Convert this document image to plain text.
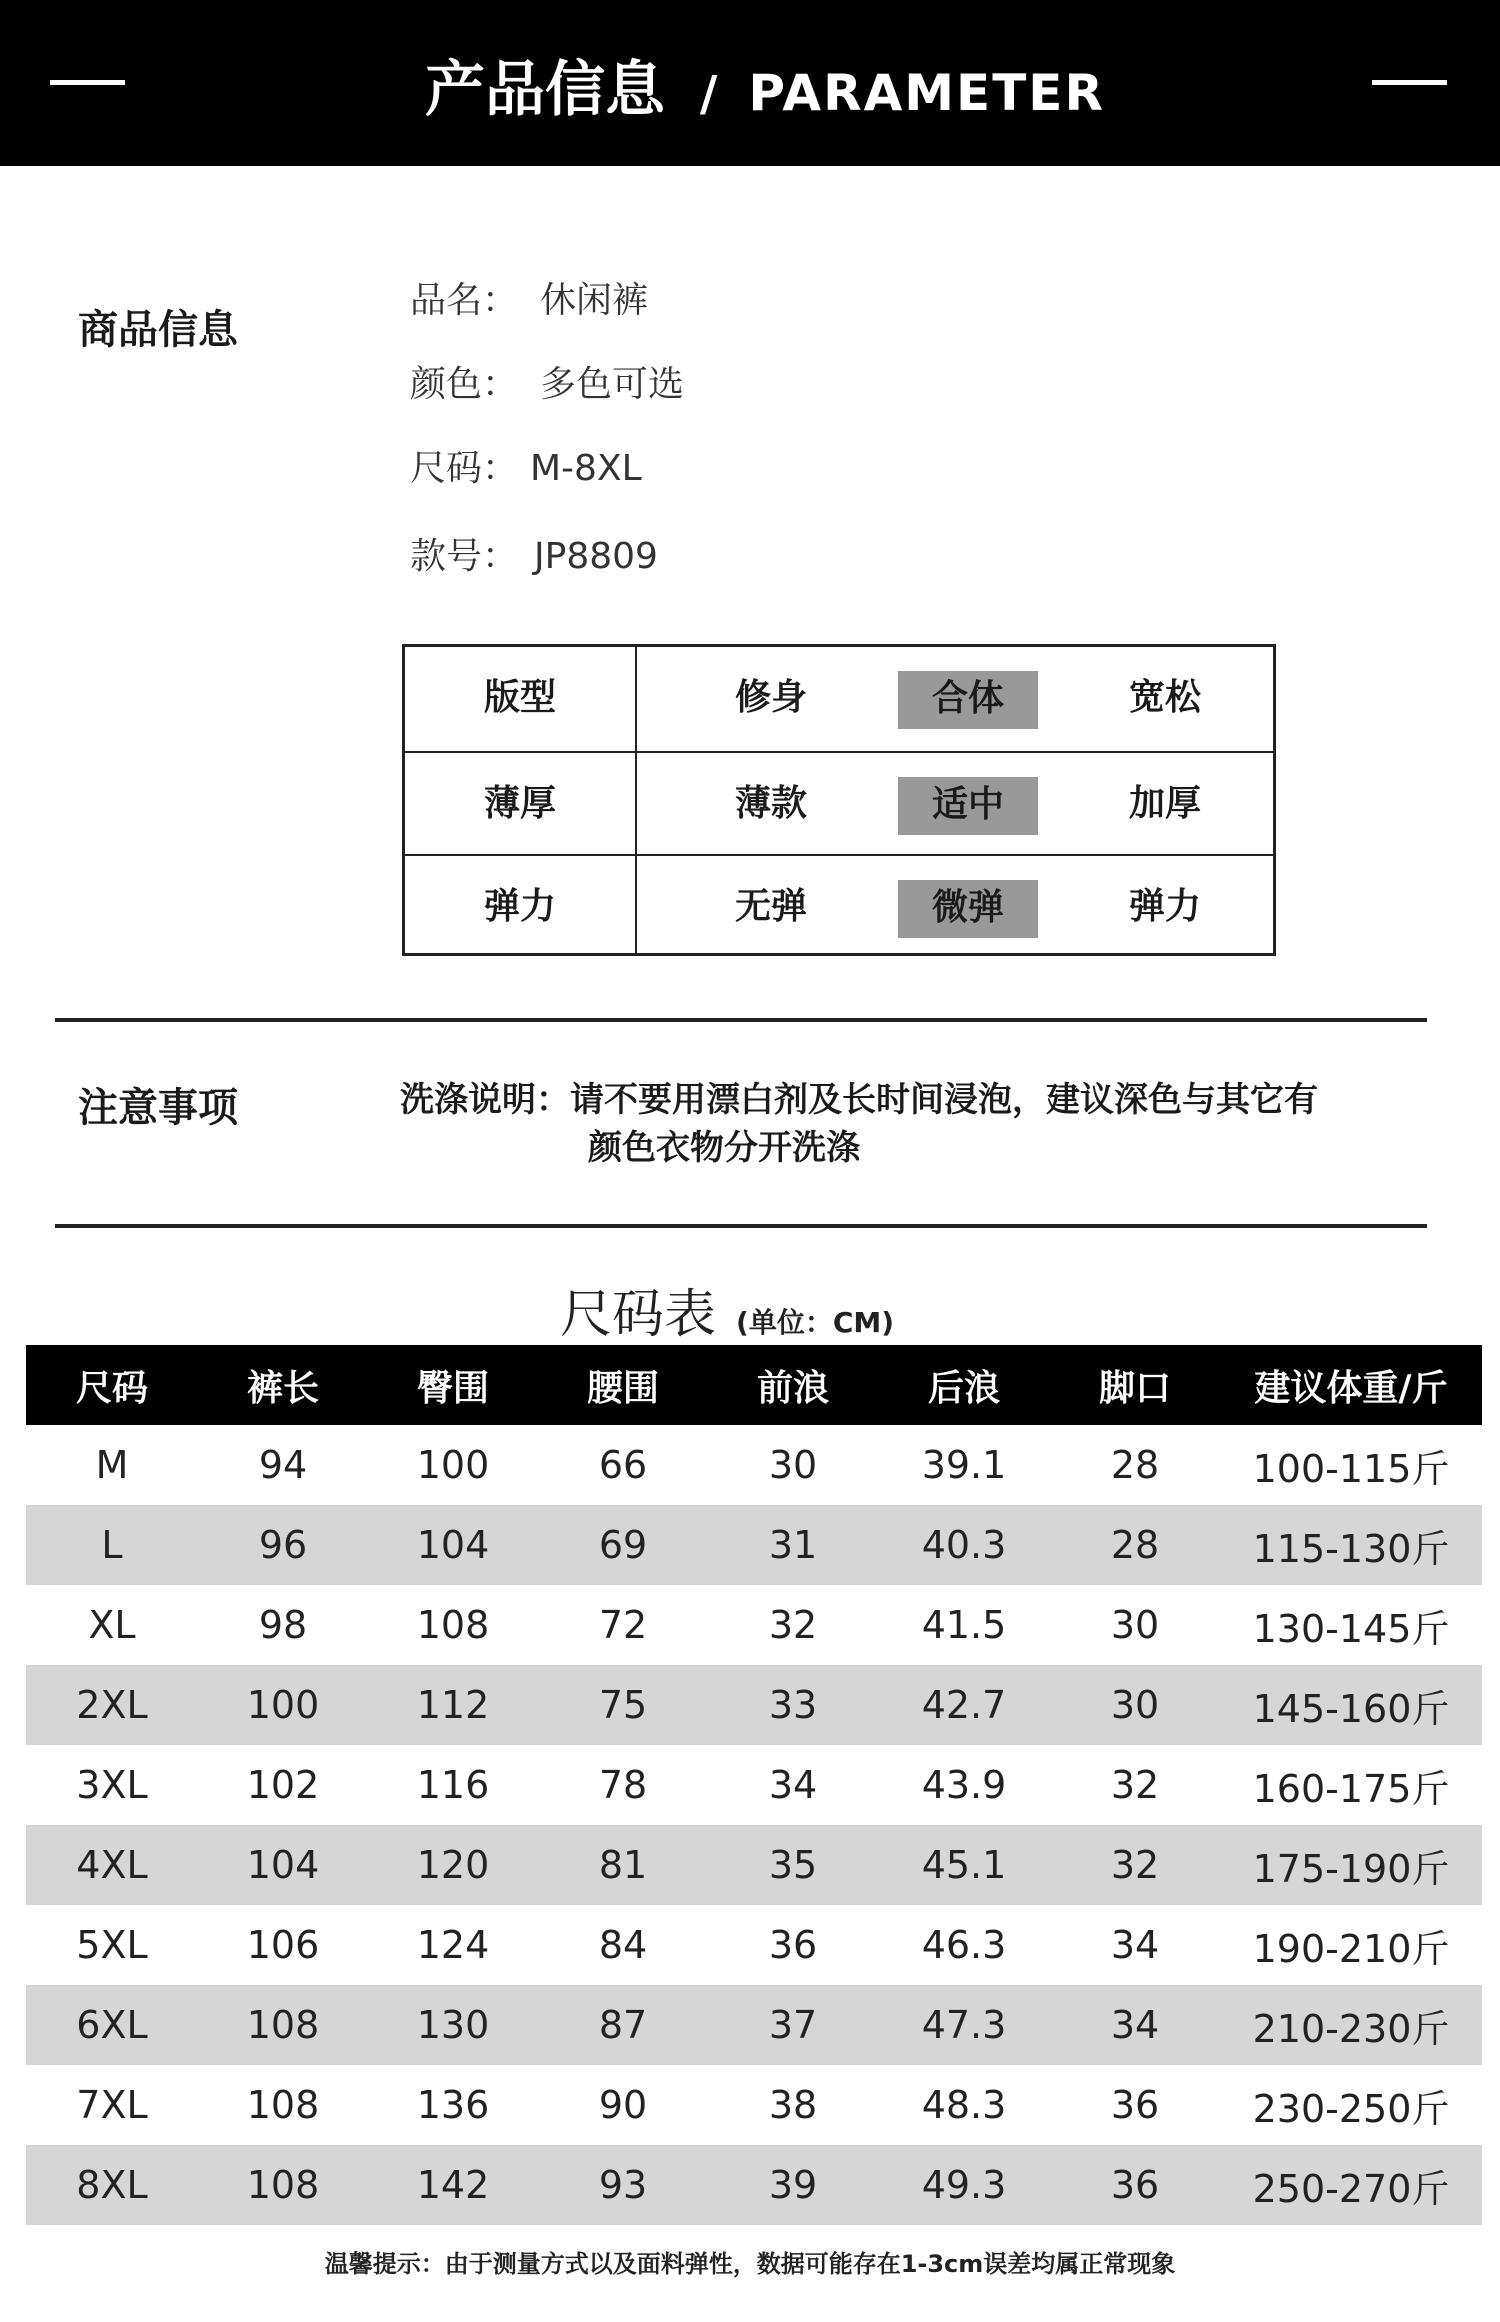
产品信息 / PARAMETER
商品信息
品名： 休闲裤
颜色： 多色可选
尺码： M-8XL
款号： JP8809
版型	修身	合体	宽松
薄厚	薄款	适中	加厚
弹力	无弹	微弹	弹力
注意事项	洗涤说明：请不要用漂白剂及长时间浸泡，建议深色与其它有
颜色衣物分开洗涤
尺码表 (单位：CM)
尺码	裤长	臀围	腰围	前浪	后浪	脚口	建议体重/斤
M	94	100	66	30	39.1	28	100-115斤
L	96	104	69	31	40.3	28	115-130斤
XL	98	108	72	32	41.5	30	130-145斤
2XL	100	112	75	33	42.7	30	145-160斤
3XL	102	116	78	34	43.9	32	160-175斤
4XL	104	120	81	35	45.1	32	175-190斤
5XL	106	124	84	36	46.3	34	190-210斤
6XL	108	130	87	37	47.3	34	210-230斤
7XL	108	136	90	38	48.3	36	230-250斤
8XL	108	142	93	39	49.3	36	250-270斤
温馨提示：由于测量方式以及面料弹性，数据可能存在1-3cm误差均属正常现象
